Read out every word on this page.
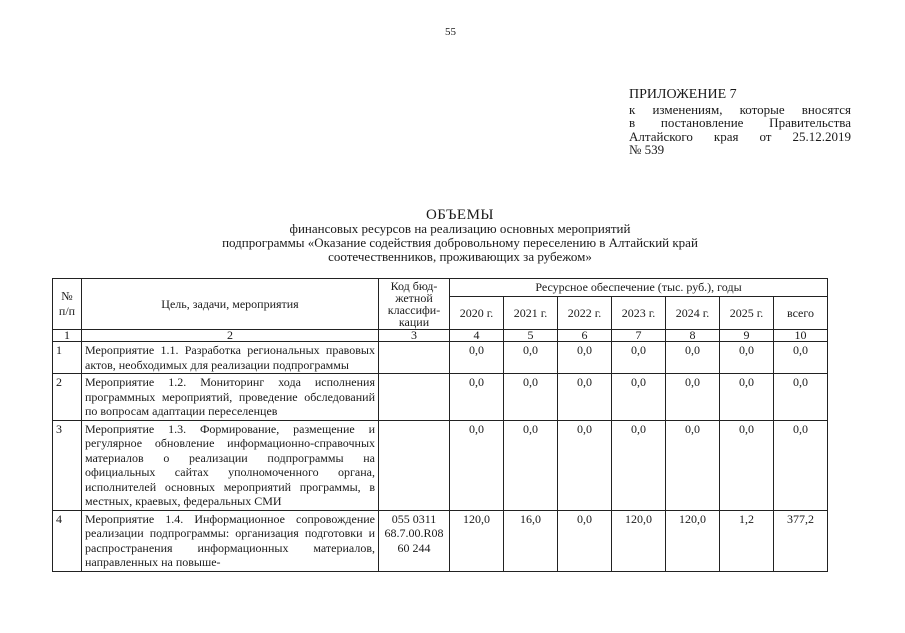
55
ПРИЛОЖЕНИЕ 7
к изменениям, которые вносятся
в постановление Правительства
Алтайского края от 25.12.2019
№ 539
ОБЪЕМЫ
финансовых ресурсов на реализацию основных мероприятий
подпрограммы «Оказание содействия добровольному переселению в Алтайский край
соотечественников, проживающих за рубежом»
№ п/п	Цель, задачи, мероприятия	Код бюд-жетной классифи-кации	Ресурсное обеспечение (тыс. руб.), годы						
			2020 г.	2021 г.	2022 г.	2023 г.	2024 г.	2025 г.	всего
1	2	3	4	5	6	7	8	9	10
1	Мероприятие 1.1. Разработка региональных правовых актов, необходимых для реализации подпрограммы		0,0	0,0	0,0	0,0	0,0	0,0	0,0
2	Мероприятие 1.2. Мониторинг хода исполнения программных мероприятий, проведение обследований по вопросам адаптации переселенцев		0,0	0,0	0,0	0,0	0,0	0,0	0,0
3	Мероприятие 1.3. Формирование, размещение и регулярное обновление информационно-справочных материалов о реализации подпрограммы на официальных сайтах уполномоченного органа, исполнителей основных мероприятий программы, в местных, краевых, федеральных СМИ		0,0	0,0	0,0	0,0	0,0	0,0	0,0
4	Мероприятие 1.4. Информационное сопровождение реализации подпрограммы: организация подготовки и распространения информационных материалов, направленных на повыше-	055 0311 68.7.00.R08 60 244	120,0	16,0	0,0	120,0	120,0	1,2	377,2
